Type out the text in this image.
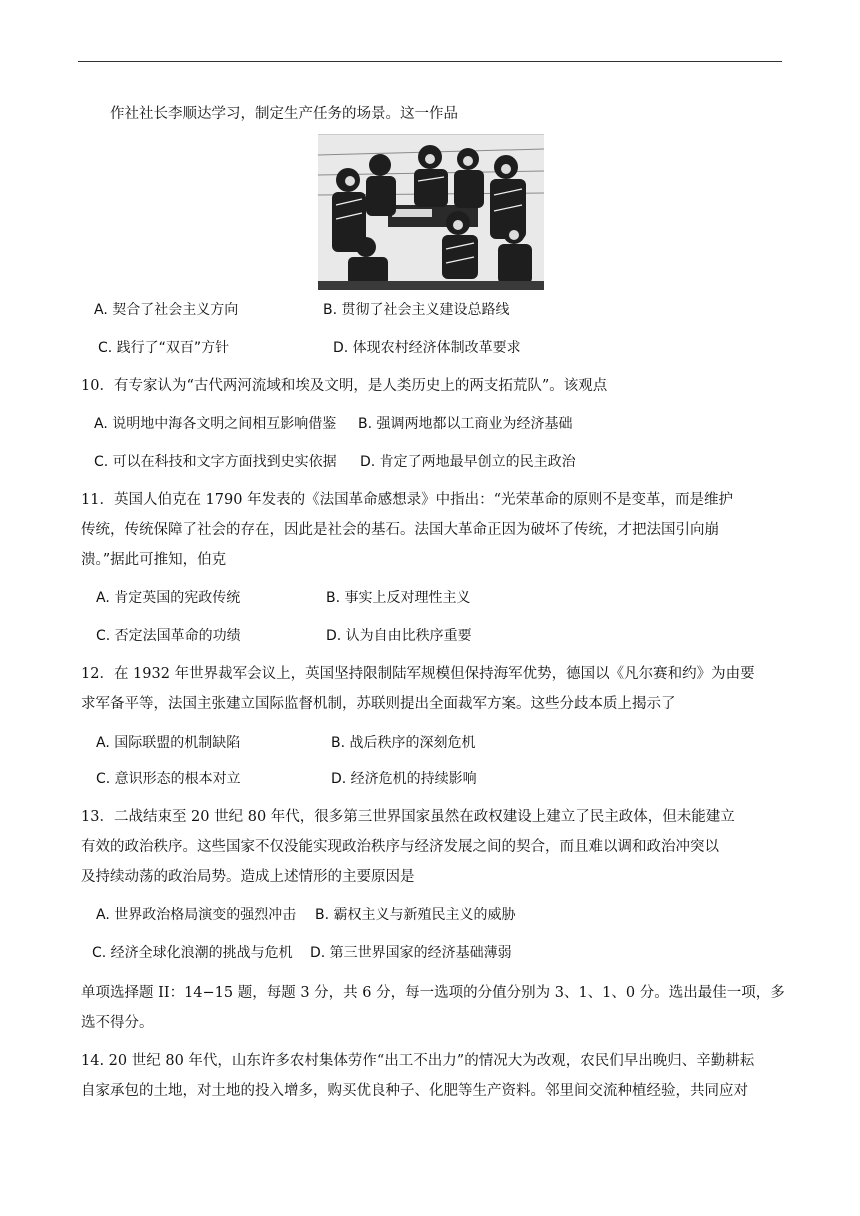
作社社长李顺达学习，制定生产任务的场景。这一作品
A. 契合了社会主义方向	B. 贯彻了社会主义建设总路线
C. 践行了“双百”方针	D. 体现农村经济体制改革要求
10．有专家认为“古代两河流域和埃及文明，是人类历史上的两支拓荒队”。该观点
A. 说明地中海各文明之间相互影响借鉴 B. 强调两地都以工商业为经济基础
C. 可以在科技和文字方面找到史实依据 D. 肯定了两地最早创立的民主政治
11．英国人伯克在 1790 年发表的《法国革命感想录》中指出：“光荣革命的原则不是变革，而是维护
传统，传统保障了社会的存在，因此是社会的基石。法国大革命正因为破坏了传统，才把法国引向崩
溃。”据此可推知，伯克
A. 肯定英国的宪政传统	B. 事实上反对理性主义
C. 否定法国革命的功绩	D. 认为自由比秩序重要
12．在 1932 年世界裁军会议上，英国坚持限制陆军规模但保持海军优势，德国以《凡尔赛和约》为由要
求军备平等，法国主张建立国际监督机制，苏联则提出全面裁军方案。这些分歧本质上揭示了
A. 国际联盟的机制缺陷	B. 战后秩序的深刻危机
C. 意识形态的根本对立	D. 经济危机的持续影响
13．二战结束至 20 世纪 80 年代，很多第三世界国家虽然在政权建设上建立了民主政体，但未能建立
有效的政治秩序。这些国家不仅没能实现政治秩序与经济发展之间的契合，而且难以调和政治冲突以
及持续动荡的政治局势。造成上述情形的主要原因是
A. 世界政治格局演变的强烈冲击 B. 霸权主义与新殖民主义的威胁
C. 经济全球化浪潮的挑战与危机 D. 第三世界国家的经济基础薄弱
单项选择题 II：14−15 题，每题 3 分，共 6 分，每一选项的分值分别为 3、1、1、0 分。选出最佳一项，多
选不得分。
14. 20 世纪 80 年代，山东许多农村集体劳作“出工不出力”的情况大为改观，农民们早出晚归、辛勤耕耘
自家承包的土地，对土地的投入增多，购买优良种子、化肥等生产资料。邻里间交流种植经验，共同应对
